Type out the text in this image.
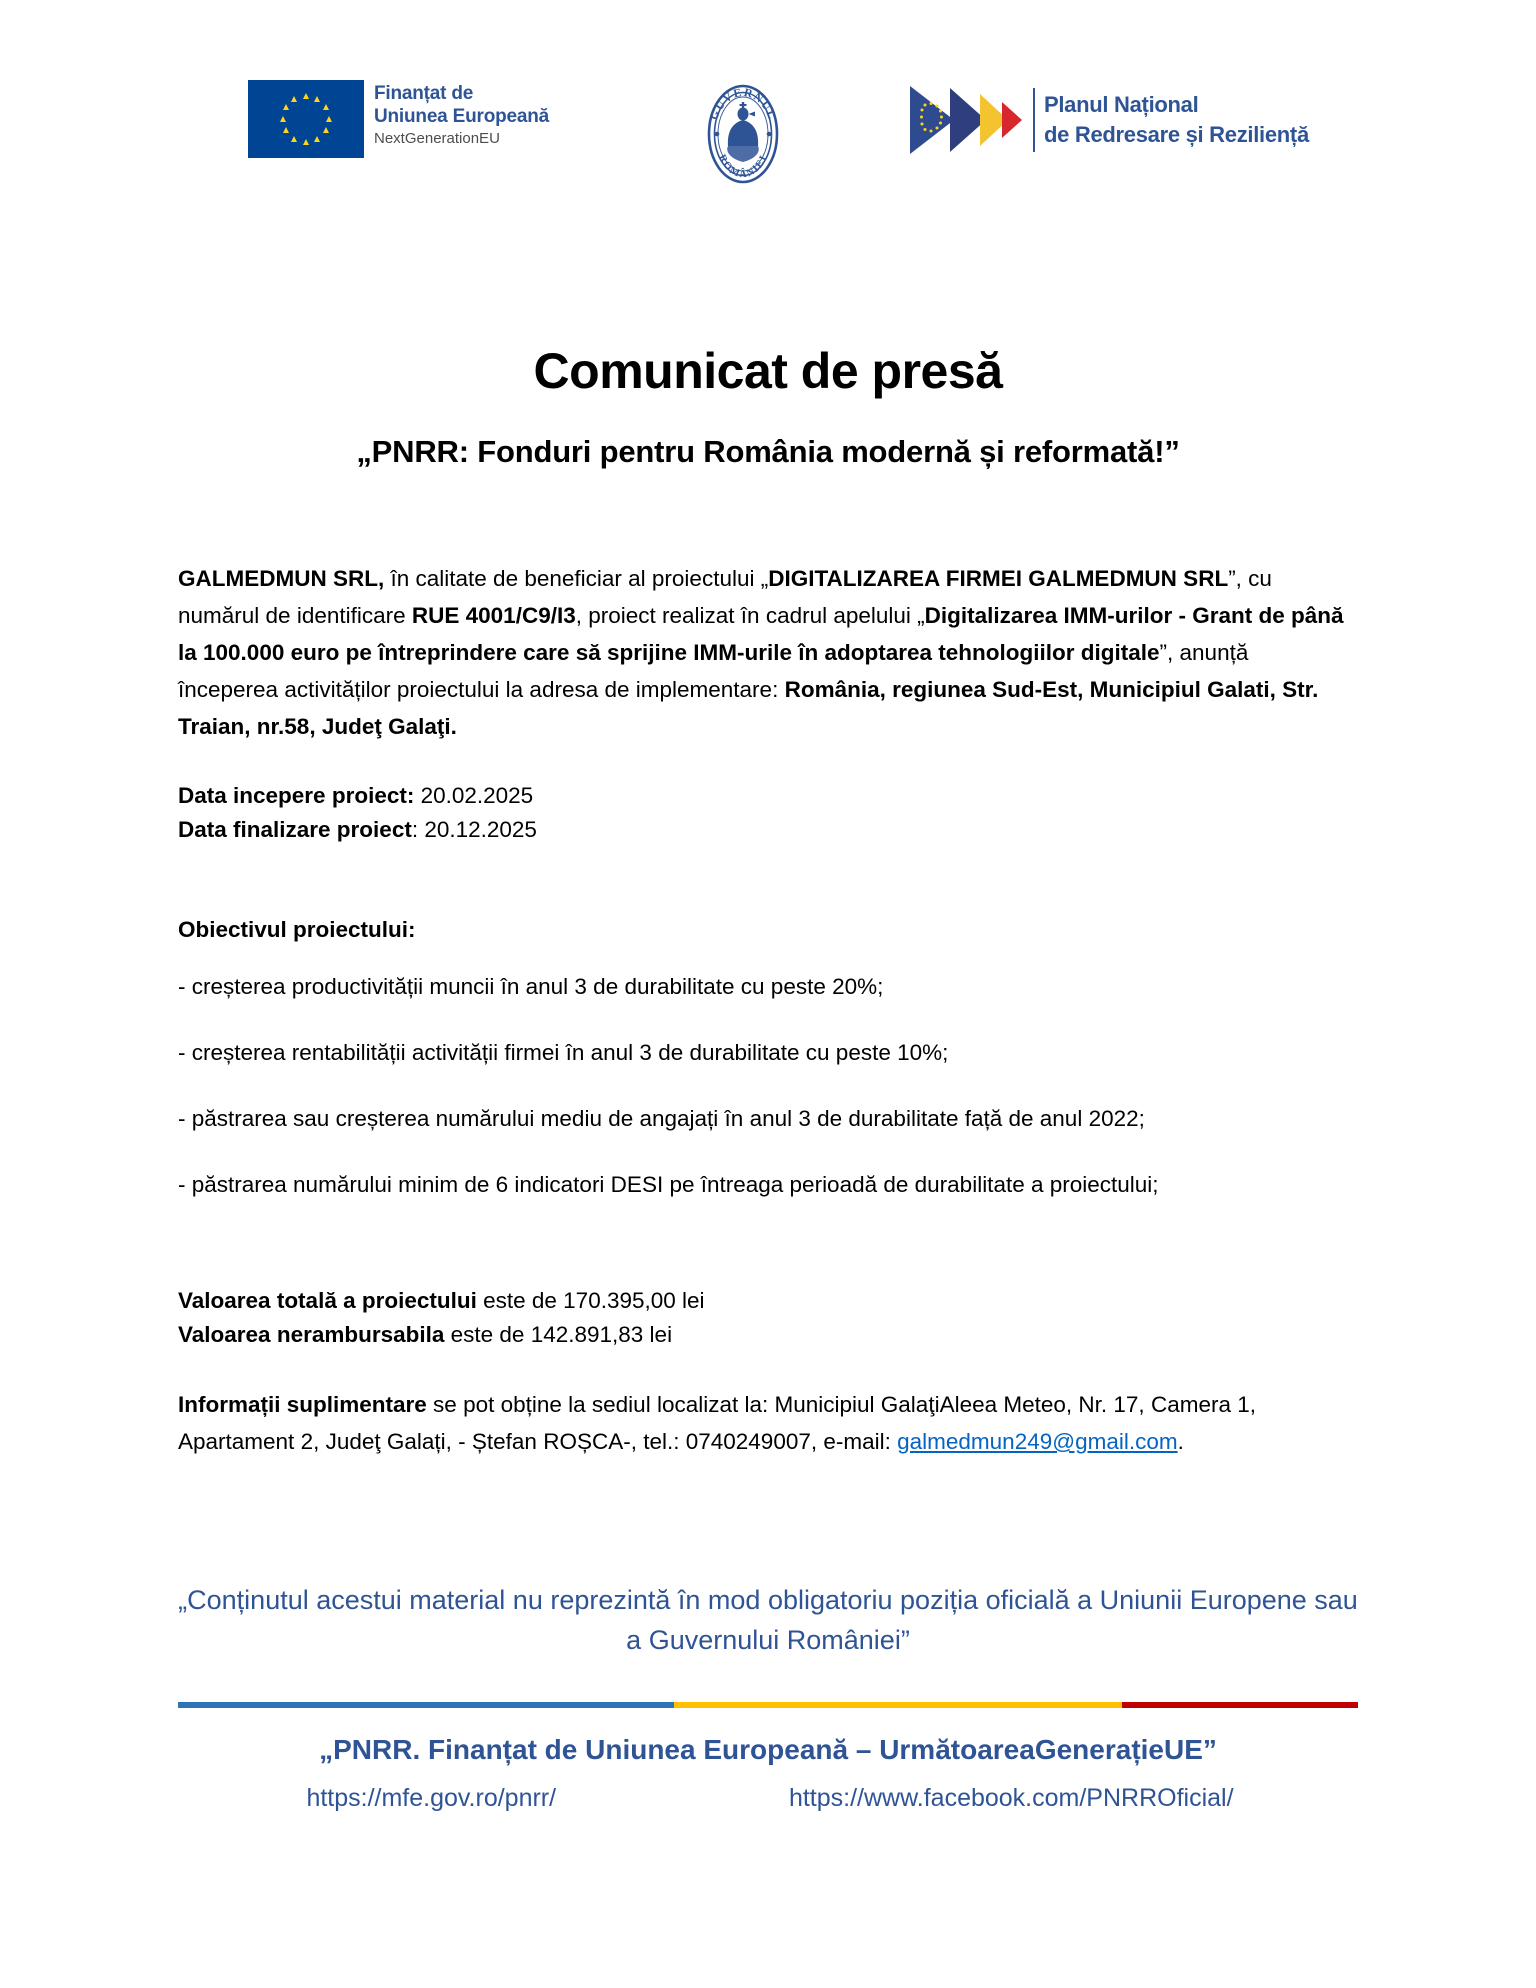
Finanțat de
Uniunea Europeană
NextGenerationEU
GUVERNUL
ROMÂNIEI
Planul Național
de Redresare și Reziliență
Comunicat de presă
„PNRR: Fonduri pentru România modernă și reformată!”

GALMEDMUN SRL, în calitate de beneficiar al proiectului „DIGITALIZAREA FIRMEI GALMEDMUN SRL”, cu numărul de identificare RUE 4001/C9/I3, proiect realizat în cadrul apelului „Digitalizarea IMM-urilor - Grant de până la 100.000 euro pe întreprindere care să sprijine IMM-urile în adoptarea tehnologiilor digitale”, anunță începerea activităților proiectului la adresa de implementare: România, regiunea Sud-Est, Municipiul Galati, Str. Traian, nr.58, Judeţ Galaţi.

Data incepere proiect: 20.02.2025

Data finalizare proiect: 20.12.2025

Obiectivul proiectului:

- creșterea productivității muncii în anul 3 de durabilitate cu peste 20%;

- creșterea rentabilității activității firmei în anul 3 de durabilitate cu peste 10%;

- păstrarea sau creșterea numărului mediu de angajați în anul 3 de durabilitate față de anul 2022;

- păstrarea numărului minim de 6 indicatori DESI pe întreaga perioadă de durabilitate a proiectului;

Valoarea totală a proiectului este de 170.395,00 lei

Valoarea nerambursabila este de 142.891,83 lei

Informații suplimentare se pot obține la sediul localizat la: Municipiul GalaţiAleea Meteo, Nr. 17, Camera 1, Apartament 2, Judeţ Galați, - Ștefan ROȘCA-, tel.: 0740249007, e-mail: galmedmun249@gmail.com.

„Conținutul acestui material nu reprezintă în mod obligatoriu poziția oficială a Uniunii Europene sau a Guvernului României”
„PNRR. Finanțat de Uniunea Europeană – UrmătoareaGenerațieUE”
https://mfe.gov.ro/pnrr/	https://www.facebook.com/PNRROficial/
